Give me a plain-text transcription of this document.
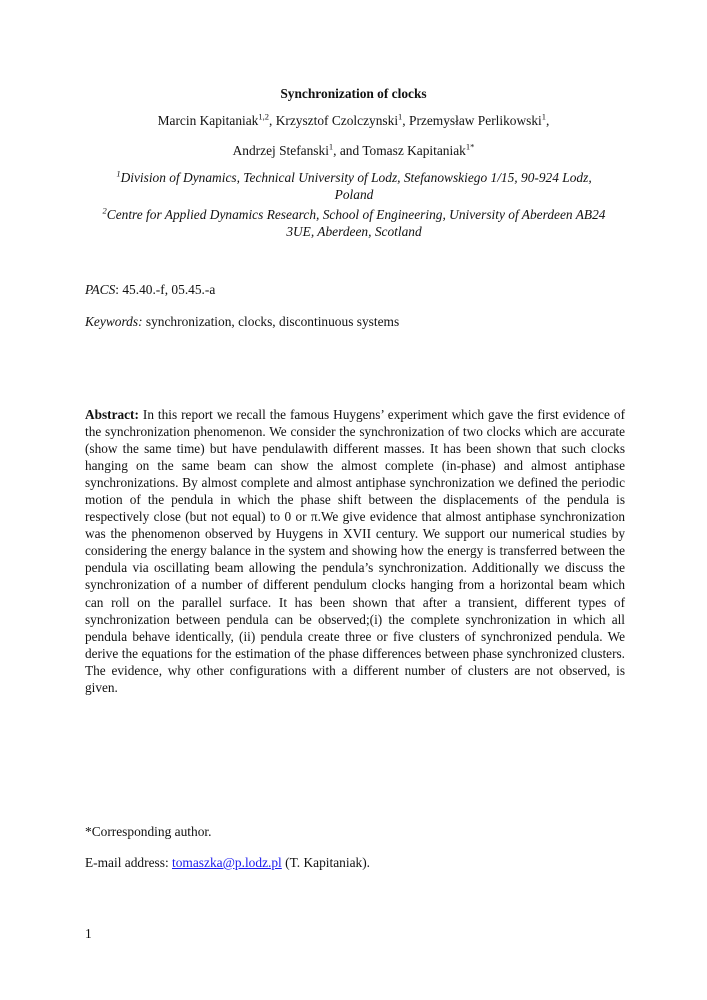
Synchronization of clocks
Marcin Kapitaniak$^{1,2}$, Krzysztof Czolczynski$^1$, Przemysław Perlikowski$^1$,
Andrzej Stefanski$^1$, and Tomasz Kapitaniak$^{1*}$
$^1$Division of Dynamics, Technical University of Lodz, Stefanowskiego 1/15, 90-924 Lodz, Poland
$^2$Centre for Applied Dynamics Research, School of Engineering, University of Aberdeen AB24 3UE, Aberdeen, Scotland
PACS: 45.40.-f, 05.45.-a
Keywords: synchronization, clocks, discontinuous systems
Abstract: In this report we recall the famous Huygens’ experiment which gave the first evidence of the synchronization phenomenon. We consider the synchronization of two clocks which are accurate (show the same time) but have pendulawith different masses. It has been shown that such clocks hanging on the same beam can show the almost complete (in-phase) and almost antiphase synchronizations. By almost complete and almost antiphase synchronization we defined the periodic motion of the pendula in which the phase shift between the displacements of the pendula is respectively close (but not equal) to 0 or π.We give evidence that almost antiphase synchronization was the phenomenon observed by Huygens in XVII century. We support our numerical studies by considering the energy balance in the system and showing how the energy is transferred between the pendula via oscillating beam allowing the pendula’s synchronization. Additionally we discuss the synchronization of a number of different pendulum clocks hanging from a horizontal beam which can roll on the parallel surface. It has been shown that after a transient, different types of synchronization between pendula can be observed;(i) the complete synchronization in which all pendula behave identically, (ii) pendula create three or five clusters of synchronized pendula. We derive the equations for the estimation of the phase differences between phase synchronized clusters. The evidence, why other configurations with a different number of clusters are not observed, is given.
*Corresponding author.
E-mail address: tomaszka@p.lodz.pl (T. Kapitaniak).
1
